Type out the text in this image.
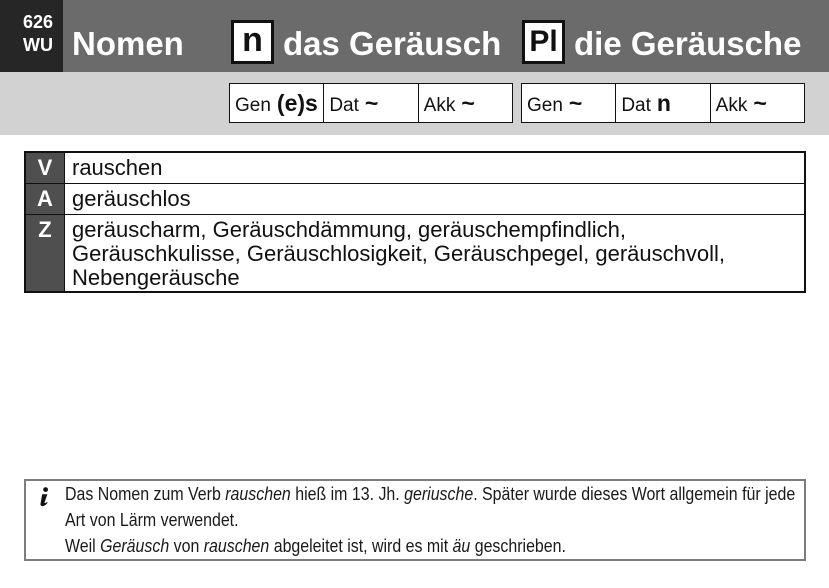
626
WU Nomen n das Geräusch Pl die Geräusche
Gen (e)s Dat ~	Akk ~	Gen ~	Dat n	Akk ~
V rauschen
A geräuschlos
Z geräuscharm, Geräuschdämmung, geräuschempfindlich, Geräuschkulisse, Geräuschlosigkeit, Geräuschpegel, geräuschvoll, Nebengeräusche
Das Nomen zum Verb rauschen hieß im 13. Jh. geriusche. Später wurde dieses Wort allgemein für jede Art von Lärm verwendet.
Weil Geräusch von rauschen abgeleitet ist, wird es mit äu geschrieben.
